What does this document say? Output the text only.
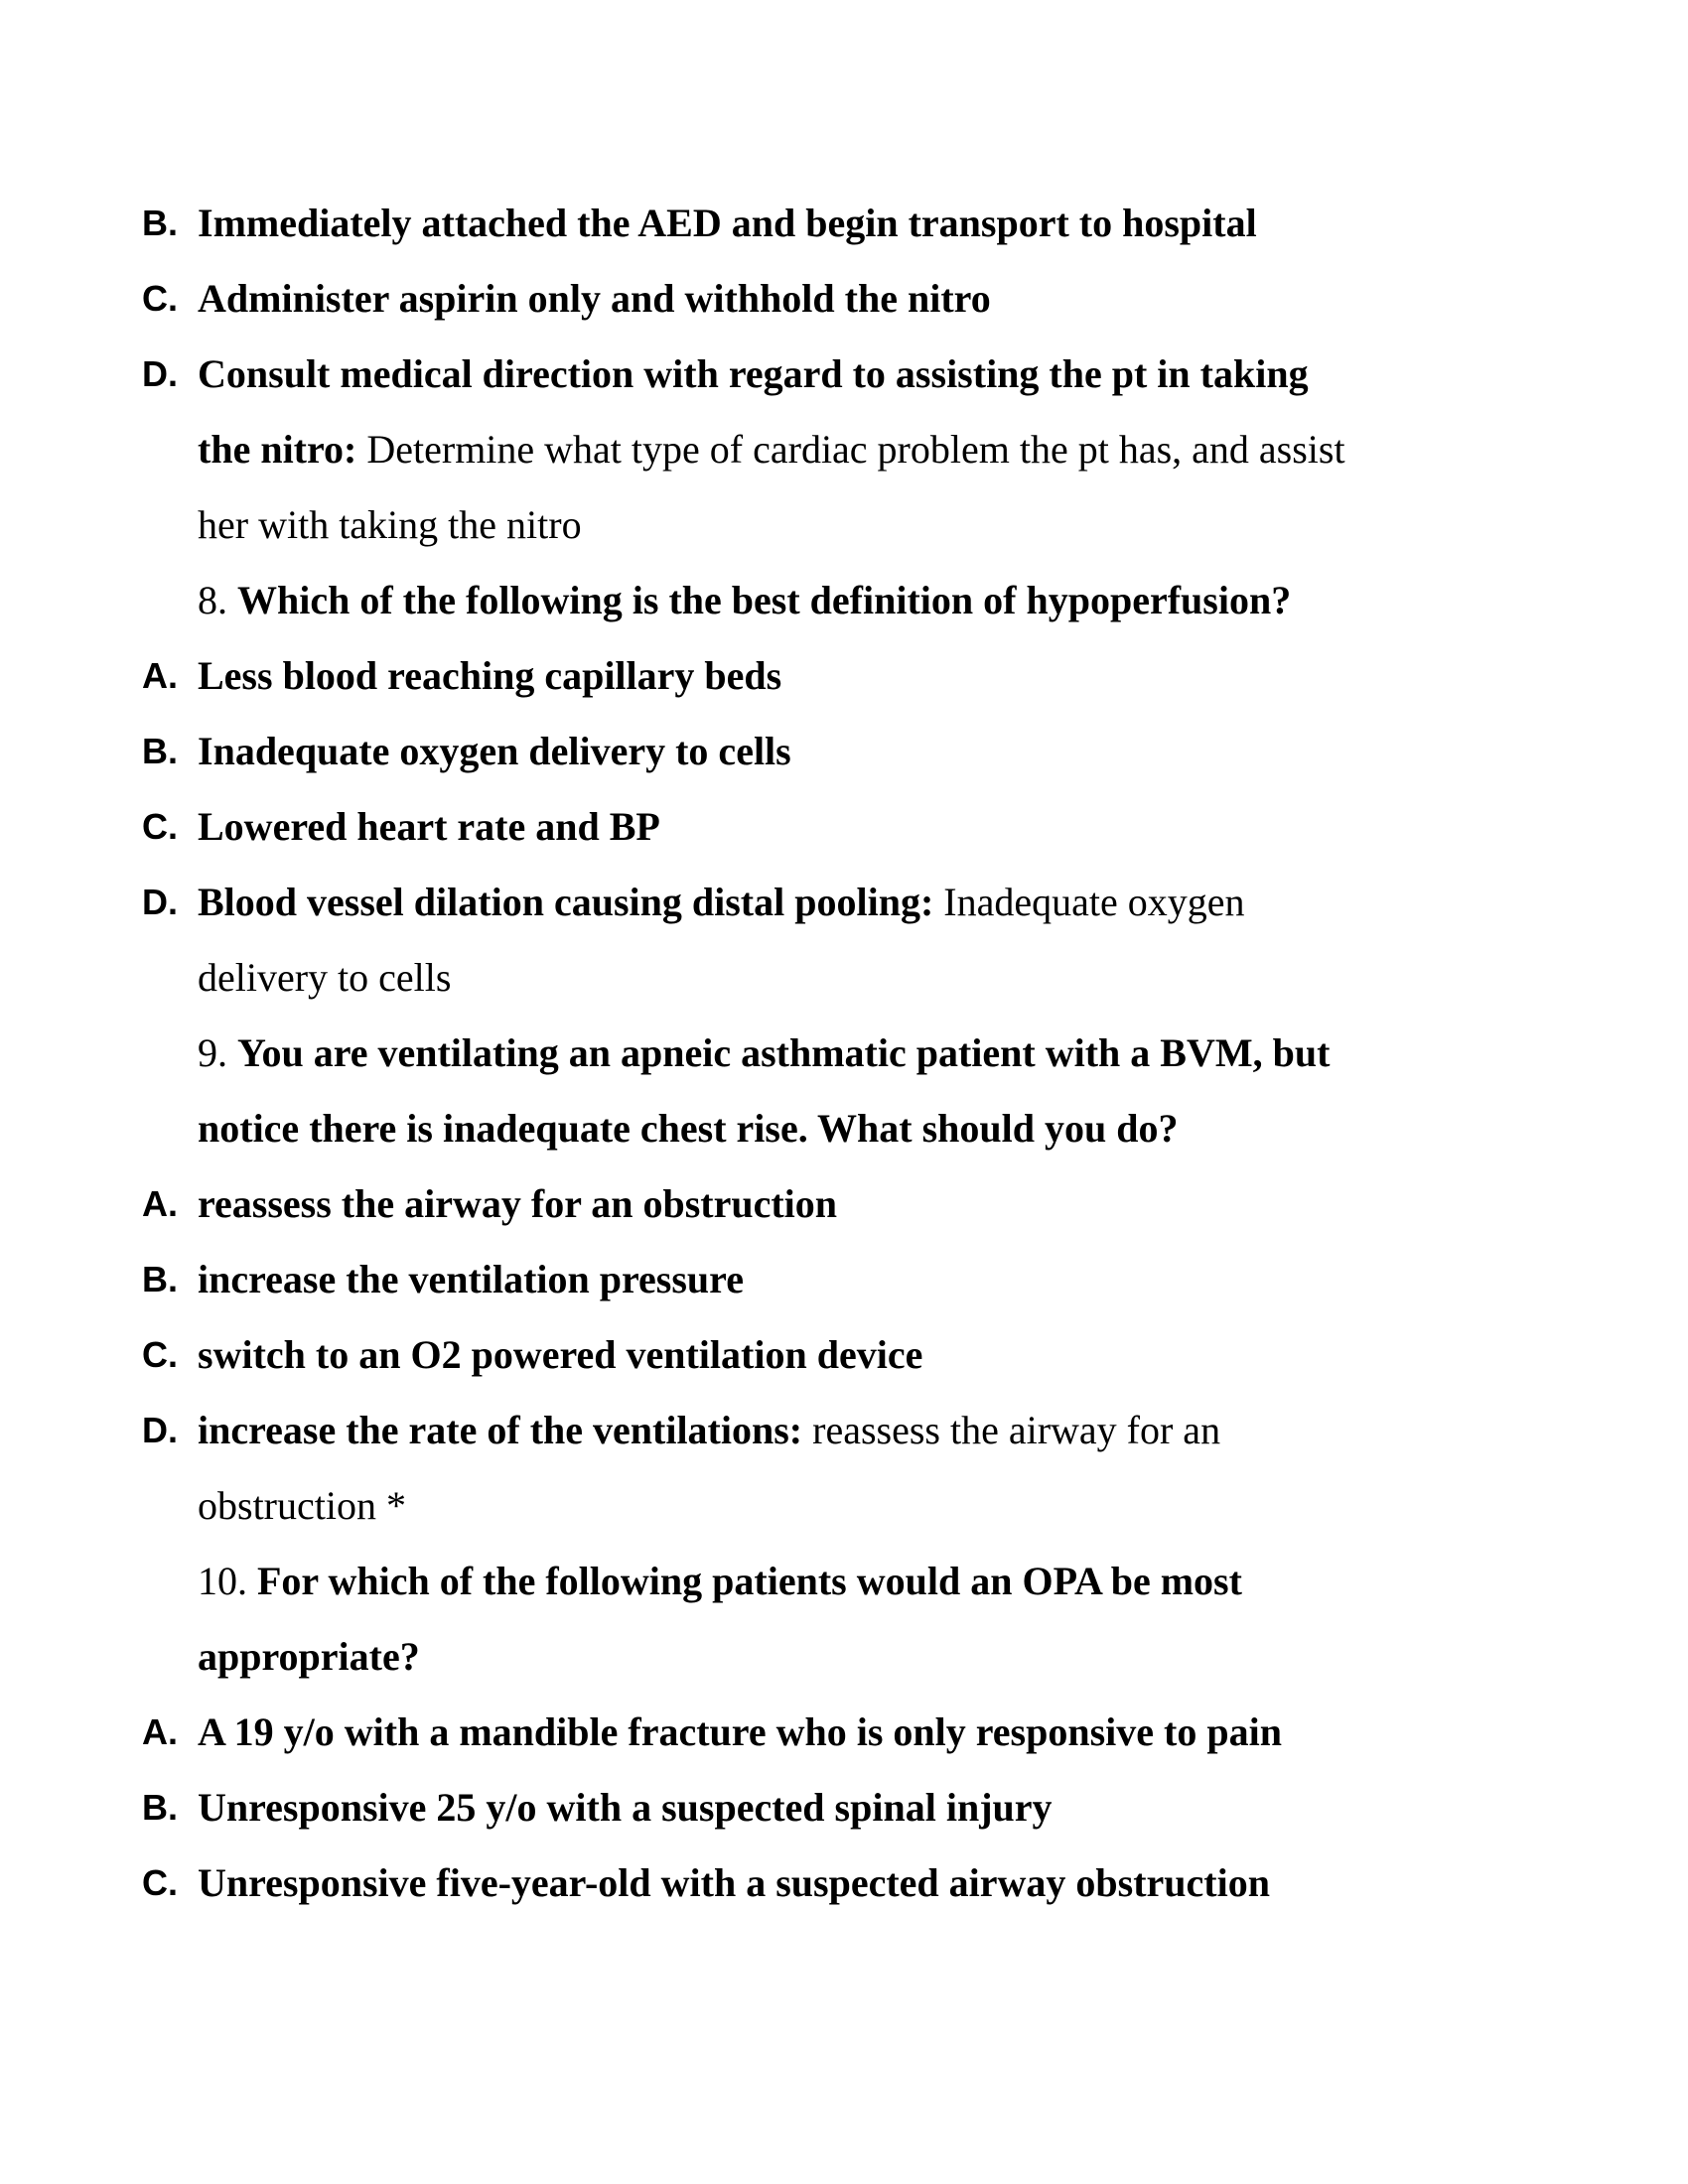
B. Immediately attached the AED and begin transport to hospital
C. Administer aspirin only and withhold the nitro
D. Consult medical direction with regard to assisting the pt in taking
the nitro: Determine what type of cardiac problem the pt has, and assist
her with taking the nitro
8. Which of the following is the best definition of hypoperfusion?
A. Less blood reaching capillary beds
B. Inadequate oxygen delivery to cells
C. Lowered heart rate and BP
D. Blood vessel dilation causing distal pooling: Inadequate oxygen
delivery to cells
9. You are ventilating an apneic asthmatic patient with a BVM, but
notice there is inadequate chest rise. What should you do?
A. reassess the airway for an obstruction
B. increase the ventilation pressure
C. switch to an O2 powered ventilation device
D. increase the rate of the ventilations: reassess the airway for an
obstruction *
10. For which of the following patients would an OPA be most
appropriate?
A. A 19 y/o with a mandible fracture who is only responsive to pain
B. Unresponsive 25 y/o with a suspected spinal injury
C. Unresponsive five-year-old with a suspected airway obstruction
